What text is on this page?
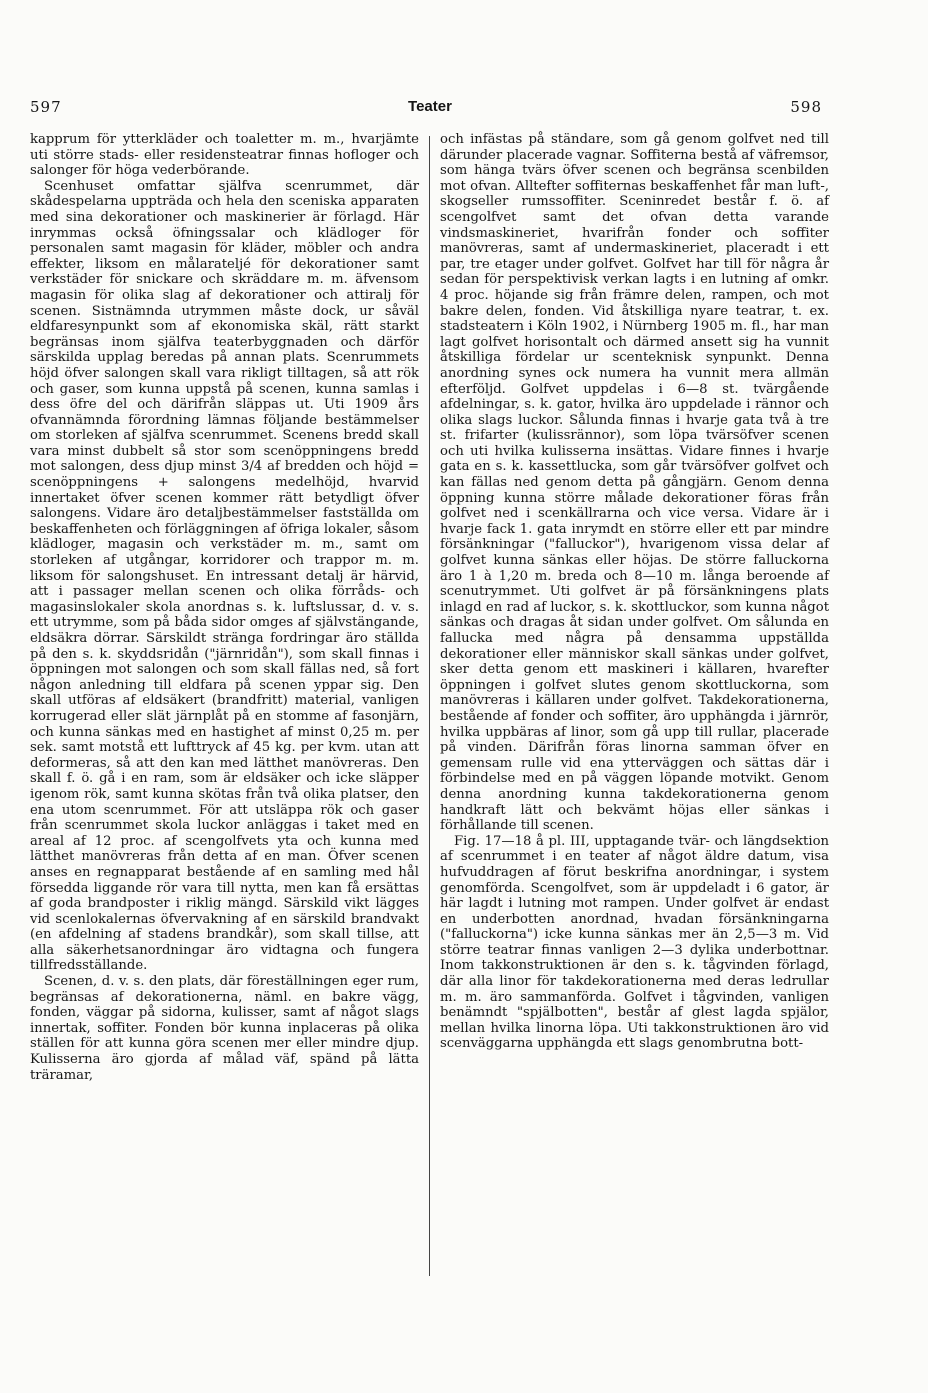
597	Teater	598

kapprum för ytterkläder och toaletter m. m., hvarjämte uti större stads- eller residensteatrar finnas hofloger och salonger för höga vederbörande.

Scenhuset omfattar själfva scenrummet, där skådespelarna uppträda och hela den sceniska apparaten med sina dekorationer och maskinerier är förlagd. Här inrymmas också öfningssalar och klädloger för personalen samt magasin för kläder, möbler och andra effekter, liksom en målarateljé för dekorationer samt verkstäder för snickare och skräddare m. m. äfvensom magasin för olika slag af dekorationer och attiralj för scenen. Sistnämnda utrymmen måste dock, ur såväl eldfaresynpunkt som af ekonomiska skäl, rätt starkt begränsas inom själfva teaterbyggnaden och därför särskilda upplag beredas på annan plats. Scenrummets höjd öfver salongen skall vara rikligt tilltagen, så att rök och gaser, som kunna uppstå på scenen, kunna samlas i dess öfre del och därifrån släppas ut. Uti 1909 års ofvannämnda förordning lämnas följande bestämmelser om storleken af själfva scenrummet. Scenens bredd skall vara minst dubbelt så stor som scenöppningens bredd mot salongen, dess djup minst 3/4 af bredden och höjd = scenöppningens + salongens medelhöjd, hvarvid innertaket öfver scenen kommer rätt betydligt öfver salongens. Vidare äro detaljbestämmelser fastställda om beskaffenheten och förläggningen af öfriga lokaler, såsom klädloger, magasin och verkstäder m. m., samt om storleken af utgångar, korridorer och trappor m. m. liksom för salongshuset. En intressant detalj är härvid, att i passager mellan scenen och olika förråds- och magasinslokaler skola anordnas s. k. luftslussar, d. v. s. ett utrymme, som på båda sidor omges af självstängande, eldsäkra dörrar. Särskildt stränga fordringar äro ställda på den s. k. skyddsridån ("järnridån"), som skall finnas i öppningen mot salongen och som skall fällas ned, så fort någon anledning till eldfara på scenen yppar sig. Den skall utföras af eldsäkert (brandfritt) material, vanligen korrugerad eller slät järnplåt på en stomme af fasonjärn, och kunna sänkas med en hastighet af minst 0,25 m. per sek. samt motstå ett lufttryck af 45 kg. per kvm. utan att deformeras, så att den kan med lätthet manövreras. Den skall f. ö. gå i en ram, som är eldsäker och icke släpper igenom rök, samt kunna skötas från två olika platser, den ena utom scenrummet. För att utsläppa rök och gaser från scenrummet skola luckor anläggas i taket med en areal af 12 proc. af scengolfvets yta och kunna med lätthet manövreras från detta af en man. Öfver scenen anses en regnapparat bestående af en samling med hål försedda liggande rör vara till nytta, men kan få ersättas af goda brandposter i riklig mängd. Särskild vikt lägges vid scenlokalernas öfvervakning af en särskild brandvakt (en afdelning af stadens brandkår), som skall tillse, att alla säkerhetsanordningar äro vidtagna och fungera tillfredsställande.

Scenen, d. v. s. den plats, där föreställningen eger rum, begränsas af dekorationerna, näml. en bakre vägg, fonden, väggar på sidorna, kulisser, samt af något slags innertak, soffiter. Fonden bör kunna inplaceras på olika ställen för att kunna göra scenen mer eller mindre djup. Kulisserna äro gjorda af målad väf, spänd på lätta träramar,

och infästas på ständare, som gå genom golfvet ned till därunder placerade vagnar. Soffiterna bestå af väfremsor, som hänga tvärs öfver scenen och begränsa scenbilden mot ofvan. Alltefter soffiternas beskaffenhet får man luft-, skogseller rumssoffiter. Sceninredet består f. ö. af scengolfvet samt det ofvan detta varande vindsmaskineriet, hvarifrån fonder och soffiter manövreras, samt af undermaskineriet, placeradt i ett par, tre etager under golfvet. Golfvet har till för några år sedan för perspektivisk verkan lagts i en lutning af omkr. 4 proc. höjande sig från främre delen, rampen, och mot bakre delen, fonden. Vid åtskilliga nyare teatrar, t. ex. stadsteatern i Köln 1902, i Nürnberg 1905 m. fl., har man lagt golfvet horisontalt och därmed ansett sig ha vunnit åtskilliga fördelar ur scenteknisk synpunkt. Denna anordning synes ock numera ha vunnit mera allmän efterföljd. Golfvet uppdelas i 6—8 st. tvärgående afdelningar, s. k. gator, hvilka äro uppdelade i rännor och olika slags luckor. Sålunda finnas i hvarje gata två à tre st. frifarter (kulissrännor), som löpa tvärsöfver scenen och uti hvilka kulisserna insättas. Vidare finnes i hvarje gata en s. k. kassettlucka, som går tvärsöfver golfvet och kan fällas ned genom detta på gångjärn. Genom denna öppning kunna större målade dekorationer föras från golfvet ned i scenkällrarna och vice versa. Vidare är i hvarje fack 1. gata inrymdt en större eller ett par mindre försänkningar ("falluckor"), hvarigenom vissa delar af golfvet kunna sänkas eller höjas. De större falluckorna äro 1 à 1,20 m. breda och 8—10 m. långa beroende af scenutrymmet. Uti golfvet är på försänkningens plats inlagd en rad af luckor, s. k. skottluckor, som kunna något sänkas och dragas åt sidan under golfvet. Om sålunda en fallucka med några på densamma uppställda dekorationer eller människor skall sänkas under golfvet, sker detta genom ett maskineri i källaren, hvarefter öppningen i golfvet slutes genom skottluckorna, som manövreras i källaren under golfvet. Takdekorationerna, bestående af fonder och soffiter, äro upphängda i järnrör, hvilka uppbäras af linor, som gå upp till rullar, placerade på vinden. Därifrån föras linorna samman öfver en gemensam rulle vid ena ytterväggen och sättas där i förbindelse med en på väggen löpande motvikt. Genom denna anordning kunna takdekorationerna genom handkraft lätt och bekvämt höjas eller sänkas i förhållande till scenen.

Fig. 17—18 å pl. III, upptagande tvär- och längdsektion af scenrummet i en teater af något äldre datum, visa hufvuddragen af förut beskrifna anordningar, i system genomförda. Scengolfvet, som är uppdeladt i 6 gator, är här lagdt i lutning mot rampen. Under golfvet är endast en underbotten anordnad, hvadan försänkningarna ("falluckorna") icke kunna sänkas mer än 2,5—3 m. Vid större teatrar finnas vanligen 2—3 dylika underbottnar. Inom takkonstruktionen är den s. k. tågvinden förlagd, där alla linor för takdekorationerna med deras ledrullar m. m. äro sammanförda. Golfvet i tågvinden, vanligen benämndt "spjälbotten", består af glest lagda spjälor, mellan hvilka linorna löpa. Uti takkonstruktionen äro vid scenväggarna upphängda ett slags genombrutna bott-
